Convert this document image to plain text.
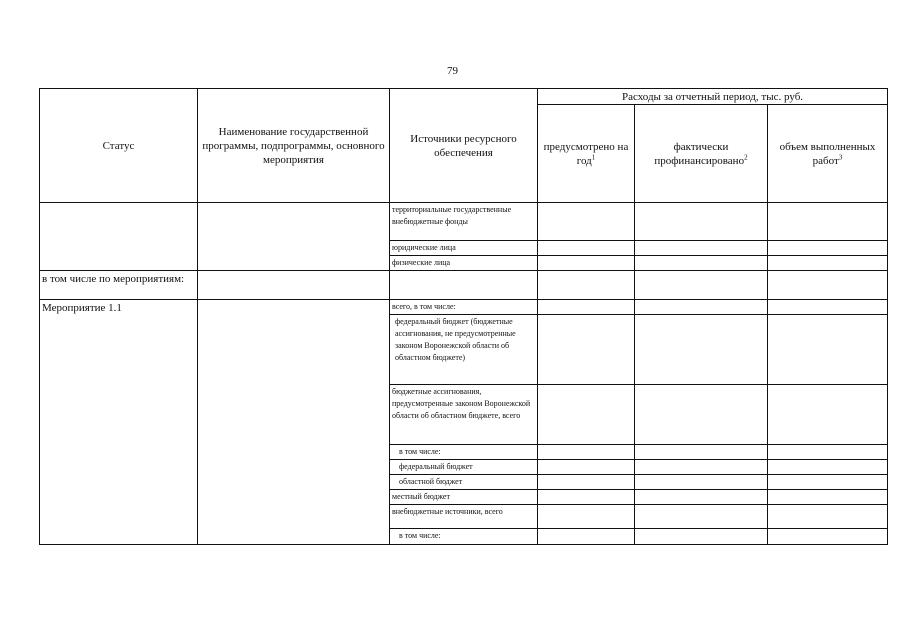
79
Статус	Наименование государственной программы, подпрограммы, основного мероприятия	Источники ресурсного обеспечения	Расходы за отчетный период, тыс. руб.		
			предусмотрено на год$^1$	фактически профинансировано$^2$	объем выполненных работ$^3$
		территориальные государственные внебюджетные фонды			
		юридические лица			
		физические лица			
в том числе по мероприятиям:					
Мероприятие 1.1		всего, в том числе:			
		федеральный бюджет (бюджетные ассигнования, не предусмотренные законом Воронежской области об областном бюджете)			
		бюджетные ассигнования, предусмотренные законом Воронежской области об областном бюджете, всего			
		в том числе:			
		федеральный бюджет			
		областной бюджет			
		местный бюджет			
		внебюджетные источники, всего			
		в том числе:			
